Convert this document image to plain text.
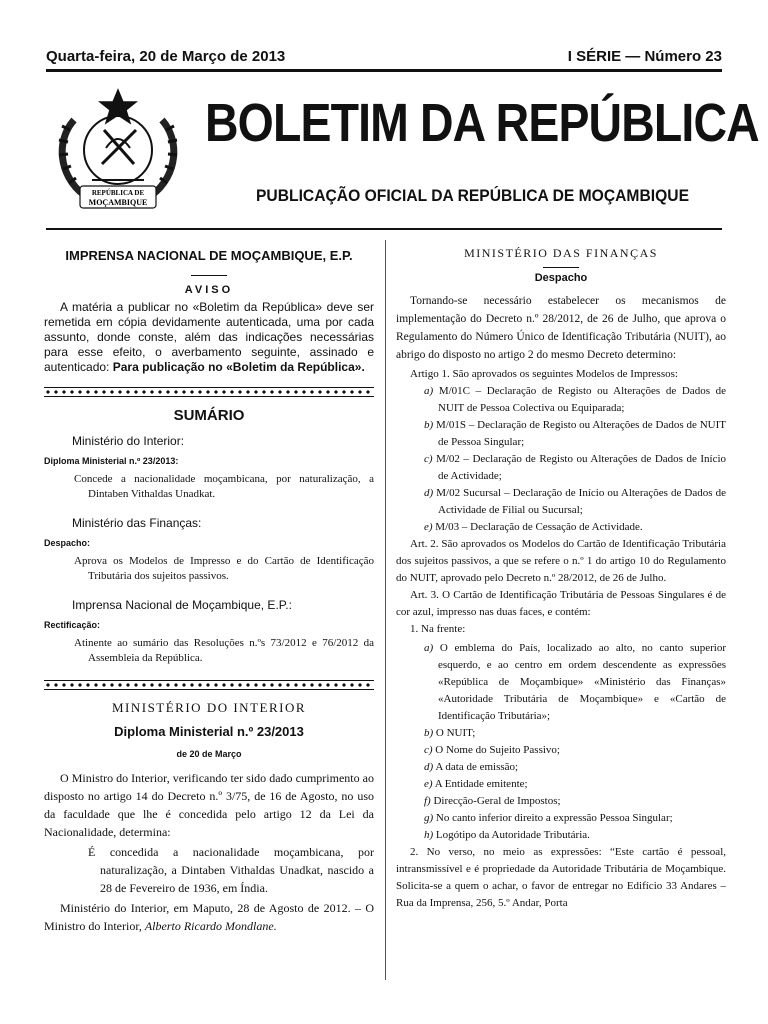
Quarta-feira, 20 de Março de 2013	I SÉRIE — Número 23
REPÚBLICA DE
MOÇAMBIQUE
BOLETIM DA REPÚBLICA
PUBLICAÇÃO OFICIAL DA REPÚBLICA DE MOÇAMBIQUE
IMPRENSA NACIONAL DE MOÇAMBIQUE, E.P.
AVISO

A matéria a publicar no «Boletim da República» deve ser remetida em cópia devidamente autenticada, uma por cada assunto, donde conste, além das indicações necessárias para esse efeito, o averbamento seguinte, assinado e autenticado: Para publicação no «Boletim da República».

SUMÁRIO
Ministério do Interior:
Diploma Ministerial n.º 23/2013:
Concede a nacionalidade moçambicana, por naturalização, a Dintaben Vithaldas Unadkat.
Ministério das Finanças:
Despacho:
Aprova os Modelos de Impresso e do Cartão de Identificação Tributária dos sujeitos passivos.
Imprensa Nacional de Moçambique, E.P.:
Rectificação:
Atinente ao sumário das Resoluções n.ºs 73/2012 e 76/2012 da Assembleia da República.
MINISTÉRIO DO INTERIOR
Diploma Ministerial n.º 23/2013
de 20 de Março

O Ministro do Interior, verificando ter sido dado cumprimento ao disposto no artigo 14 do Decreto n.º 3/75, de 16 de Agosto, no uso da faculdade que lhe é concedida pelo artigo 12 da Lei da Nacionalidade, determina:

É concedida a nacionalidade moçambicana, por naturalização, a Dintaben Vithaldas Unadkat, nascido a 28 de Fevereiro de 1936, em Índia.

Ministério do Interior, em Maputo, 28 de Agosto de 2012. – O Ministro do Interior, Alberto Ricardo Mondlane.

MINISTÉRIO DAS FINANÇAS
Despacho

Tornando-se necessário estabelecer os mecanismos de implementação do Decreto n.º 28/2012, de 26 de Julho, que aprova o Regulamento do Número Único de Identificação Tributária (NUIT), ao abrigo do disposto no artigo 2 do mesmo Decreto determino:

Artigo 1. São aprovados os seguintes Modelos de Impressos:

a) M/01C – Declaração de Registo ou Alterações de Dados de NUIT de Pessoa Colectiva ou Equiparada;
b) M/01S – Declaração de Registo ou Alterações de Dados de NUIT de Pessoa Singular;
c) M/02 – Declaração de Registo ou Alterações de Dados de Início de Actividade;
d) M/02 Sucursal – Declaração de Início ou Alterações de Dados de Actividade de Filial ou Sucursal;
e) M/03 – Declaração de Cessação de Actividade.

Art. 2. São aprovados os Modelos do Cartão de Identificação Tributária dos sujeitos passivos, a que se refere o n.º 1 do artigo 10 do Regulamento do NUIT, aprovado pelo Decreto n.º 28/2012, de 26 de Julho.

Art. 3. O Cartão de Identificação Tributária de Pessoas Singulares é de cor azul, impresso nas duas faces, e contém:

1. Na frente:
a) O emblema do País, localizado ao alto, no canto superior esquerdo, e ao centro em ordem descendente as expressões «República de Moçambique» «Ministério das Finanças» «Autoridade Tributária de Moçambique» e «Cartão de Identificação Tributária»;
b) O NUIT;
c) O Nome do Sujeito Passivo;
d) A data de emissão;
e) A Entidade emitente;
f) Direcção-Geral de Impostos;
g) No canto inferior direito a expressão Pessoa Singular;
h) Logótipo da Autoridade Tributária.

2. No verso, no meio as expressões: “Este cartão é pessoal, intransmissível e é propriedade da Autoridade Tributária de Moçambique. Solicita-se a quem o achar, o favor de entregar no Edifício 33 Andares – Rua da Imprensa, 256, 5.º Andar, Porta
